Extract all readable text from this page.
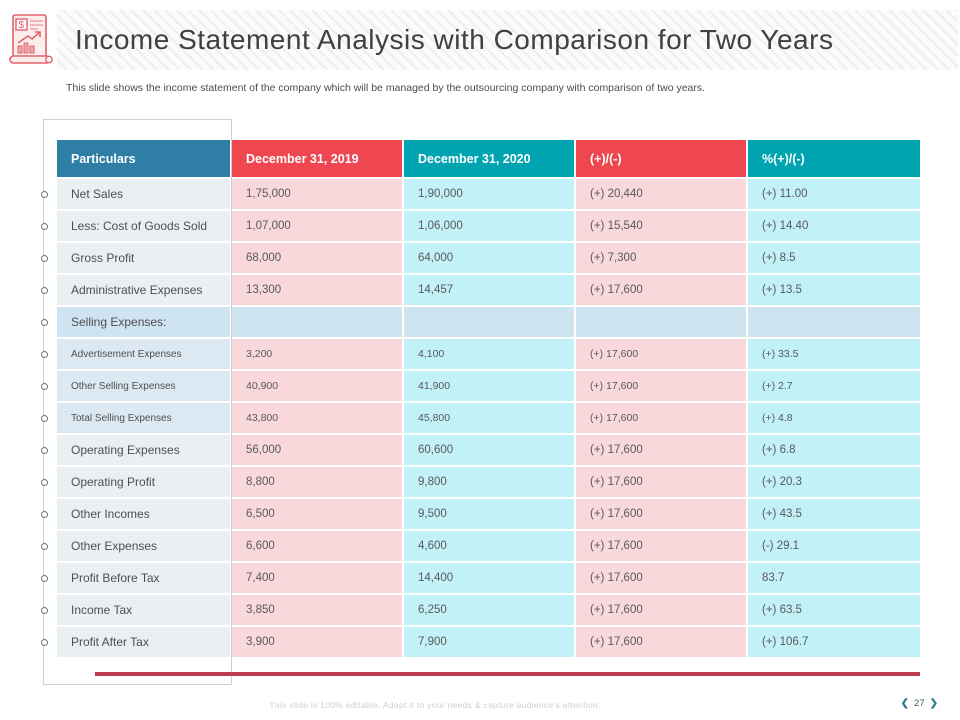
$	Income Statement Analysis with Comparison for Two Years
This slide shows the income statement of the company which will be managed by the outsourcing company with comparison of two years.
Particulars	December 31, 2019	December 31, 2020	(+)/(-)	%(+)/(-)
Net Sales	1,75,000	1,90,000	(+) 20,440	(+) 11.00
Less: Cost of Goods Sold	1,07,000	1,06,000	(+) 15,540	(+) 14.40
Gross Profit	68,000	64,000	(+) 7,300	(+) 8.5
Administrative Expenses	13,300	14,457	(+) 17,600	(+) 13.5
Selling Expenses:
Advertisement Expenses	3,200	4,100	(+) 17,600	(+) 33.5
Other Selling Expenses	40,900	41,900	(+) 17,600	(+) 2.7
Total Selling Expenses	43,800	45,800	(+) 17,600	(+) 4.8
Operating Expenses	56,000	60,600	(+) 17,600	(+) 6.8
Operating Profit	8,800	9,800	(+) 17,600	(+) 20.3
Other Incomes	6,500	9,500	(+) 17,600	(+) 43.5
Other Expenses	6,600	4,600	(+) 17,600	(-) 29.1
Profit Before Tax	7,400	14,400	(+) 17,600	83.7
Income Tax	3,850	6,250	(+) 17,600	(+) 63.5
Profit After Tax	3,900	7,900	(+) 17,600	(+) 106.7
This slide is 100% editable. Adapt it to your needs & capture audience's attention.	❮ 27 ❯
